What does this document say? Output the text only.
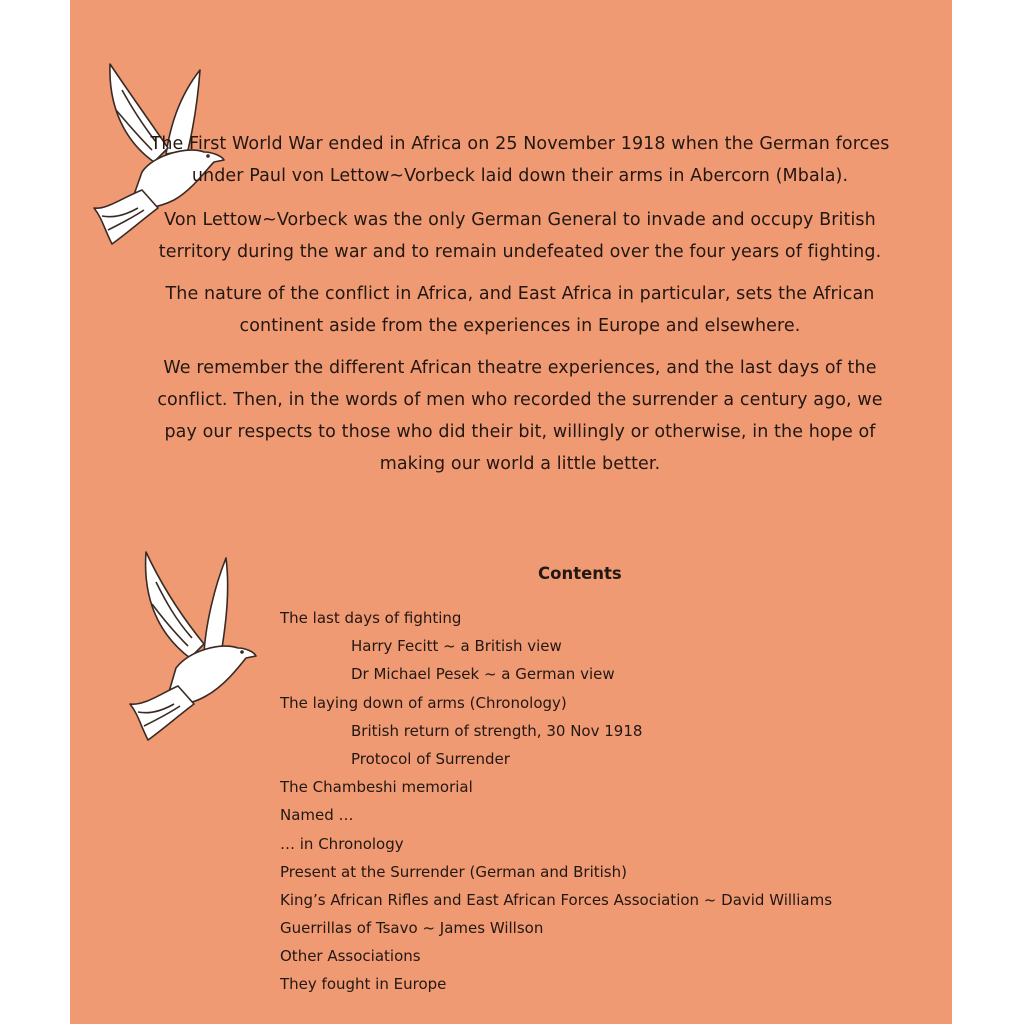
The First World War ended in Africa on 25 November 1918 when the German forces under Paul von Lettow~Vorbeck laid down their arms in Abercorn (Mbala).

Von Lettow~Vorbeck was the only German General to invade and occupy British territory during the war and to remain undefeated over the four years of fighting.

The nature of the conflict in Africa, and East Africa in particular, sets the African continent aside from the experiences in Europe and elsewhere.

We remember the different African theatre experiences, and the last days of the conflict. Then, in the words of men who recorded the surrender a century ago, we pay our respects to those who did their bit, willingly or otherwise, in the hope of making our world a little better.

Contents
The last days of fighting
Harry Fecitt ~ a British view
Dr Michael Pesek ~ a German view
The laying down of arms (Chronology)
British return of strength, 30 Nov 1918
Protocol of Surrender
The Chambeshi memorial
Named …
… in Chronology
Present at the Surrender (German and British)
King’s African Rifles and East African Forces Association ~ David Williams
Guerrillas of Tsavo ~ James Willson
Other Associations
They fought in Europe
